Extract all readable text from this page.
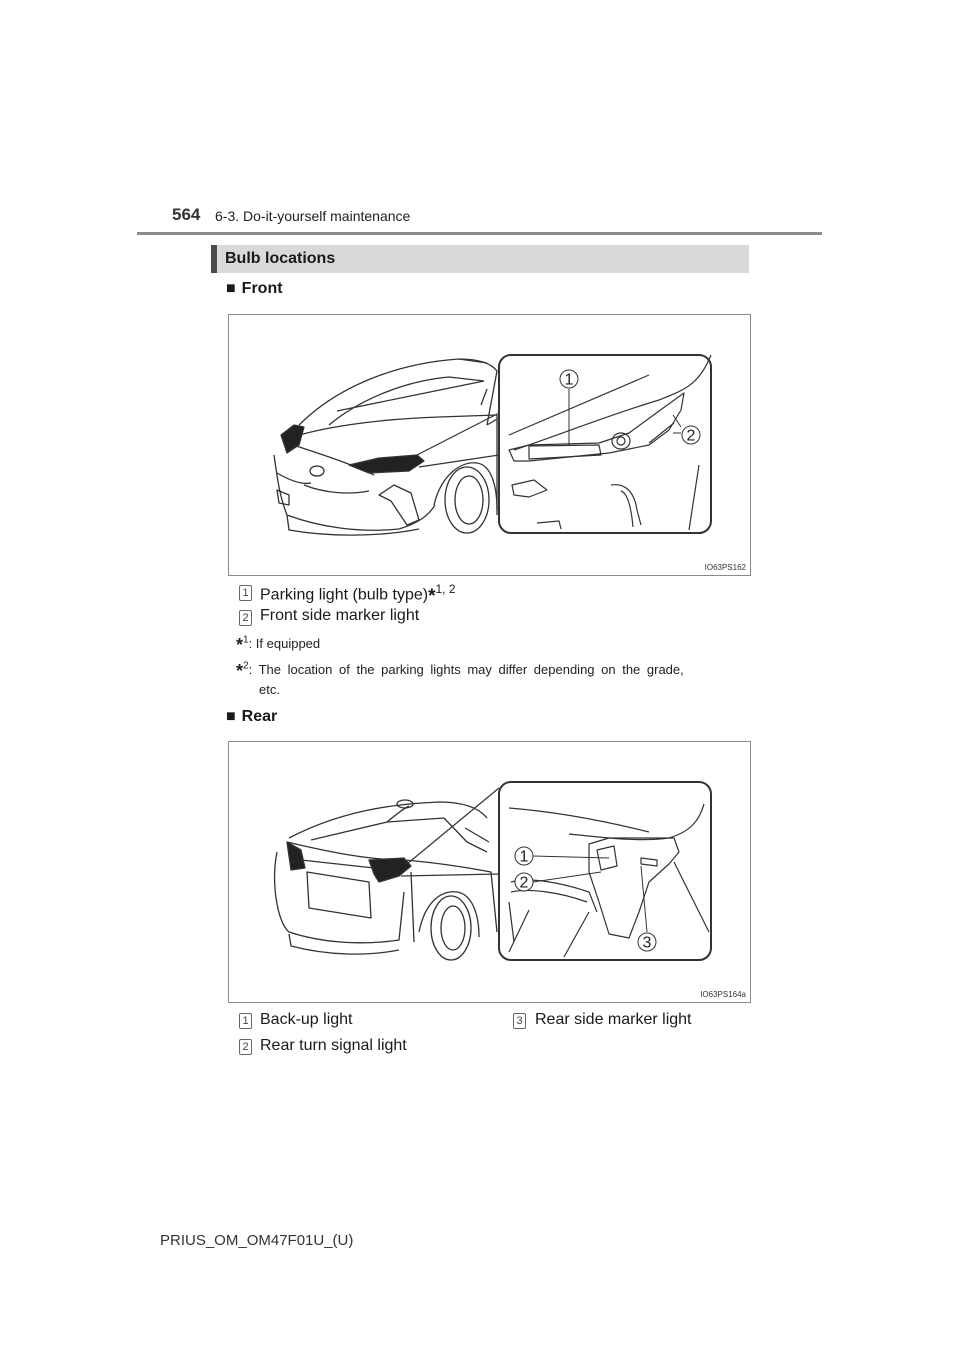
564 6-3. Do-it-yourself maintenance
Bulb locations
■ Front
1
2
IO63PS162
1 Parking light (bulb type)*$^{1, 2}$
2 Front side marker light
*$^1$: If equipped
*$^2$: The location of the parking lights may differ depending on the grade,
etc.
■ Rear
1
2
3
IO63PS164a
1 Back-up light
2 Rear turn signal light
3 Rear side marker light
PRIUS_OM_OM47F01U_(U)
